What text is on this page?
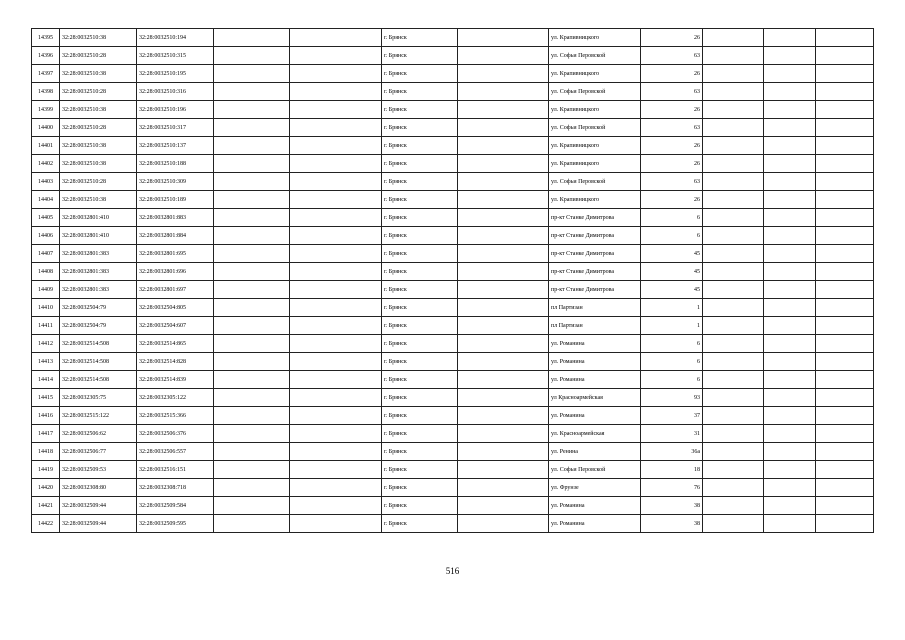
14395	32:28:0032510:38	32:28:0032510:194			г. Брянск		ул. Крапивницкого	26			
14396	32:28:0032510:28	32:28:0032510:315			г. Брянск		ул. Софьи Перовской	63			
14397	32:28:0032510:38	32:28:0032510:195			г. Брянск		ул. Крапивницкого	26			
14398	32:28:0032510:28	32:28:0032510:316			г. Брянск		ул. Софьи Перовской	63			
14399	32:28:0032510:38	32:28:0032510:196			г. Брянск		ул. Крапивницкого	26			
14400	32:28:0032510:28	32:28:0032510:317			г. Брянск		ул. Софьи Перовской	63			
14401	32:28:0032510:38	32:28:0032510:137			г. Брянск		ул. Крапивницкого	26			
14402	32:28:0032510:38	32:28:0032510:188			г. Брянск		ул. Крапивницкого	26			
14403	32:28:0032510:28	32:28:0032510:309			г. Брянск		ул. Софьи Перовской	63			
14404	32:28:0032510:38	32:28:0032510:189			г. Брянск		ул. Крапивницкого	26			
14405	32:28:0032801:410	32:28:0032801:883			г. Брянск		пр-кт Станке Димитрова	6			
14406	32:28:0032801:410	32:28:0032801:884			г. Брянск		пр-кт Станке Димитрова	6			
14407	32:28:0032801:383	32:28:0032801:695			г. Брянск		пр-кт Станке Димитрова	45			
14408	32:28:0032801:383	32:28:0032801:696			г. Брянск		пр-кт Станке Димитрова	45			
14409	32:28:0032801:383	32:28:0032801:697			г. Брянск		пр-кт Станке Димитрова	45			
14410	32:28:0032504:79	32:28:0032504:805			г. Брянск		пл Партизан	1			
14411	32:28:0032504:79	32:28:0032504:607			г. Брянск		пл Партизан	1			
14412	32:28:0032514:508	32:28:0032514:865			г. Брянск		ул. Романина	6			
14413	32:28:0032514:508	32:28:0032514:828			г. Брянск		ул. Романина	6			
14414	32:28:0032514:508	32:28:0032514:839			г. Брянск		ул. Романина	6			
14415	32:28:0032305:75	32:28:0032305:122			г. Брянск		ул Красноармейская	93			
14416	32:28:0032515:122	32:28:0032515:366			г. Брянск		ул. Романина	37			
14417	32:28:0032506:62	32:28:0032506:376			г. Брянск		ул. Красноармейская	31			
14418	32:28:0032506:77	32:28:0032506:557			г. Брянск		ул. Ренина	36а			
14419	32:28:0032509:53	32:28:0032516:151			г. Брянск		ул. Софьи Перовской	18			
14420	32:28:0032308:80	32:28:0032308:718			г. Брянск		ул. Фрунзе	76			
14421	32:28:0032509:44	32:28:0032509:584			г. Брянск		ул. Романина	38			
14422	32:28:0032509:44	32:28:0032509:595			г. Брянск		ул. Романина	38			
516
